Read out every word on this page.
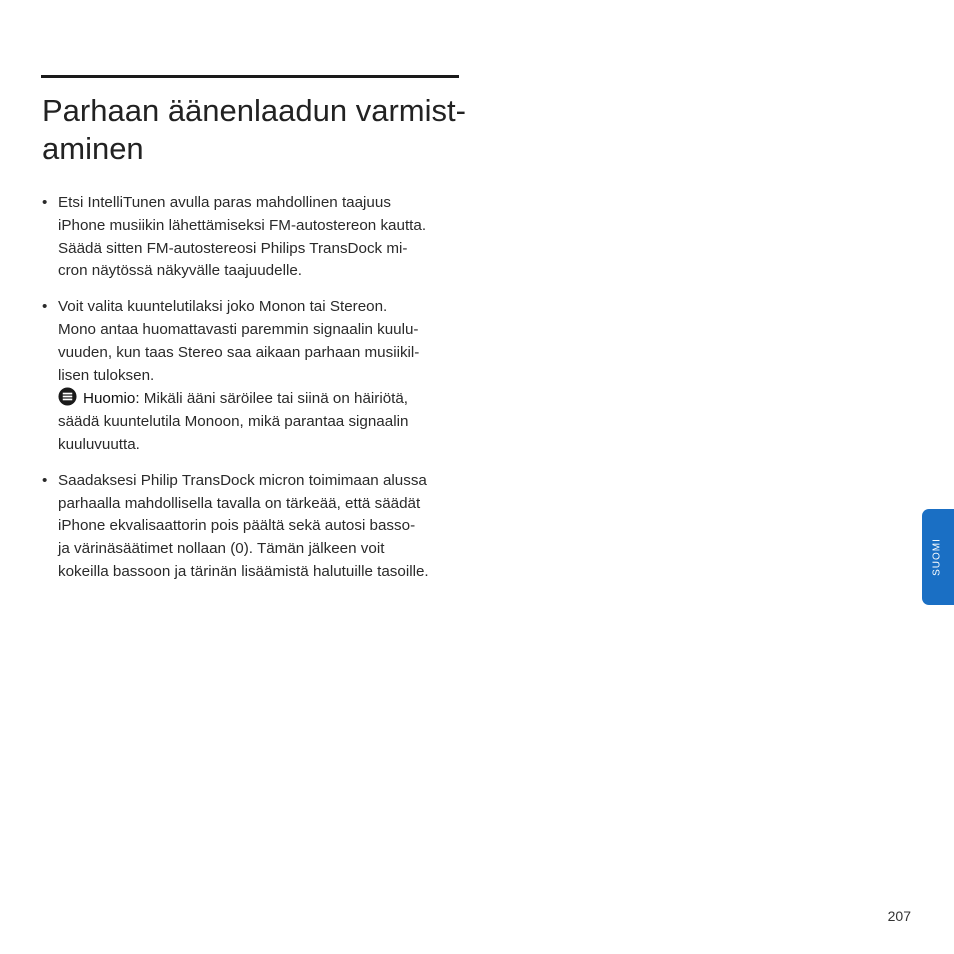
Parhaan äänenlaadun varmist-
aminen
• Etsi IntelliTunen avulla paras mahdollinen taajuus
iPhone musiikin lähettämiseksi FM-autostereon kautta.
Säädä sitten FM-autostereosi Philips TransDock mi-
cron näytössä näkyvälle taajuudelle.
• Voit valita kuuntelutilaksi joko Monon tai Stereon.
Mono antaa huomattavasti paremmin signaalin kuulu-
vuuden, kun taas Stereo saa aikaan parhaan musiikil-
lisen tuloksen.
Huomio: Mikäli ääni säröilee tai siinä on häiriötä,
säädä kuuntelutila Monoon, mikä parantaa signaalin
kuuluvuutta.
• Saadaksesi Philip TransDock micron toimimaan alussa
parhaalla mahdollisella tavalla on tärkeää, että säädät
iPhone ekvalisaattorin pois päältä sekä autosi basso-
ja värinäsäätimet nollaan (0). Tämän jälkeen voit
kokeilla bassoon ja tärinän lisäämistä halutuille tasoille.	SUOMI
207
